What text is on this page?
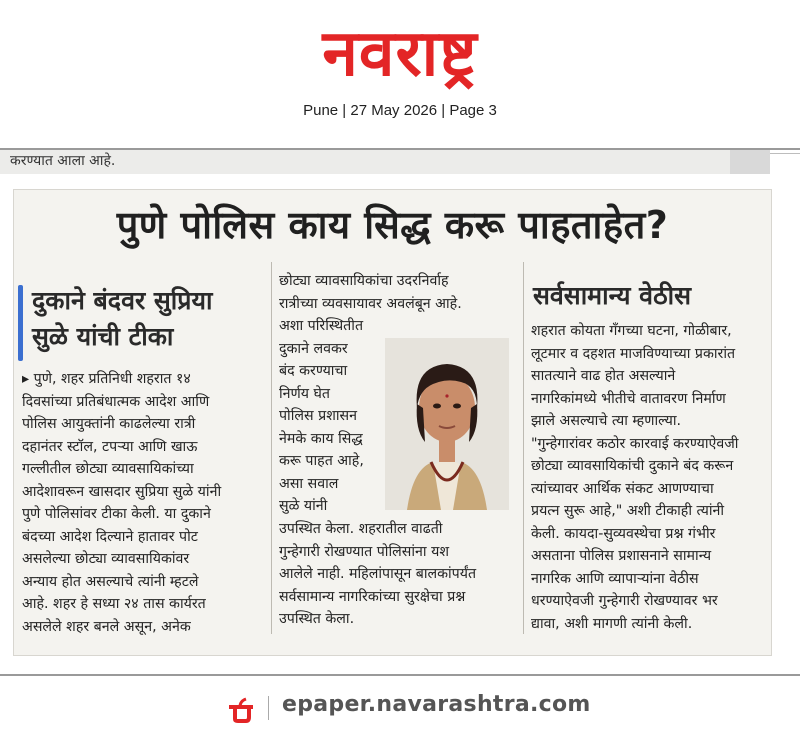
नवराष्ट्र
Pune | 27 May 2026 | Page 3
करण्यात आला आहे.
पुणे पोलिस काय सिद्ध करू पाहताहेत?
दुकाने बंदवर सुप्रिया
सुळे यांची टीका
▸ पुणे, शहर प्रतिनिधी शहरात १४
दिवसांच्या प्रतिबंधात्मक आदेश आणि
पोलिस आयुक्तांनी काढलेल्या रात्री
दहानंतर स्टॉल, टपऱ्या आणि खाऊ
गल्लीतील छोट्या व्यावसायिकांच्या
आदेशावरून खासदार सुप्रिया सुळे यांनी
पुणे पोलिसांवर टीका केली. या दुकाने
बंदच्या आदेश दिल्याने हातावर पोट
असलेल्या छोट्या व्यावसायिकांवर
अन्याय होत असल्याचे त्यांनी म्हटले
आहे. शहर हे सध्या २४ तास कार्यरत
असलेले शहर बनले असून, अनेक
छोट्या व्यावसायिकांचा उदरनिर्वाह
रात्रीच्या व्यवसायावर अवलंबून आहे.
अशा परिस्थितीत
दुकाने लवकर
बंद करण्याचा
निर्णय घेत
पोलिस प्रशासन
नेमके काय सिद्ध
करू पाहत आहे,
असा सवाल
सुळे यांनी
उपस्थित केला. शहरातील वाढती
गुन्हेगारी रोखण्यात पोलिसांना यश
आलेले नाही. महिलांपासून बालकांपर्यंत
सर्वसामान्य नागरिकांच्या सुरक्षेचा प्रश्न
उपस्थित केला.
सर्वसामान्य वेठीस
शहरात कोयता गँगच्या घटना, गोळीबार,
लूटमार व दहशत माजविण्याच्या प्रकारांत
सातत्याने वाढ होत असल्याने
नागरिकांमध्ये भीतीचे वातावरण निर्माण
झाले असल्याचे त्या म्हणाल्या.
"गुन्हेगारांवर कठोर कारवाई करण्याऐवजी
छोट्या व्यावसायिकांची दुकाने बंद करून
त्यांच्यावर आर्थिक संकट आणण्याचा
प्रयत्न सुरू आहे," अशी टीकाही त्यांनी
केली. कायदा-सुव्यवस्थेचा प्रश्न गंभीर
असताना पोलिस प्रशासनाने सामान्य
नागरिक आणि व्यापाऱ्यांना वेठीस
धरण्याऐवजी गुन्हेगारी रोखण्यावर भर
द्यावा, अशी मागणी त्यांनी केली.
epaper.navarashtra.com
